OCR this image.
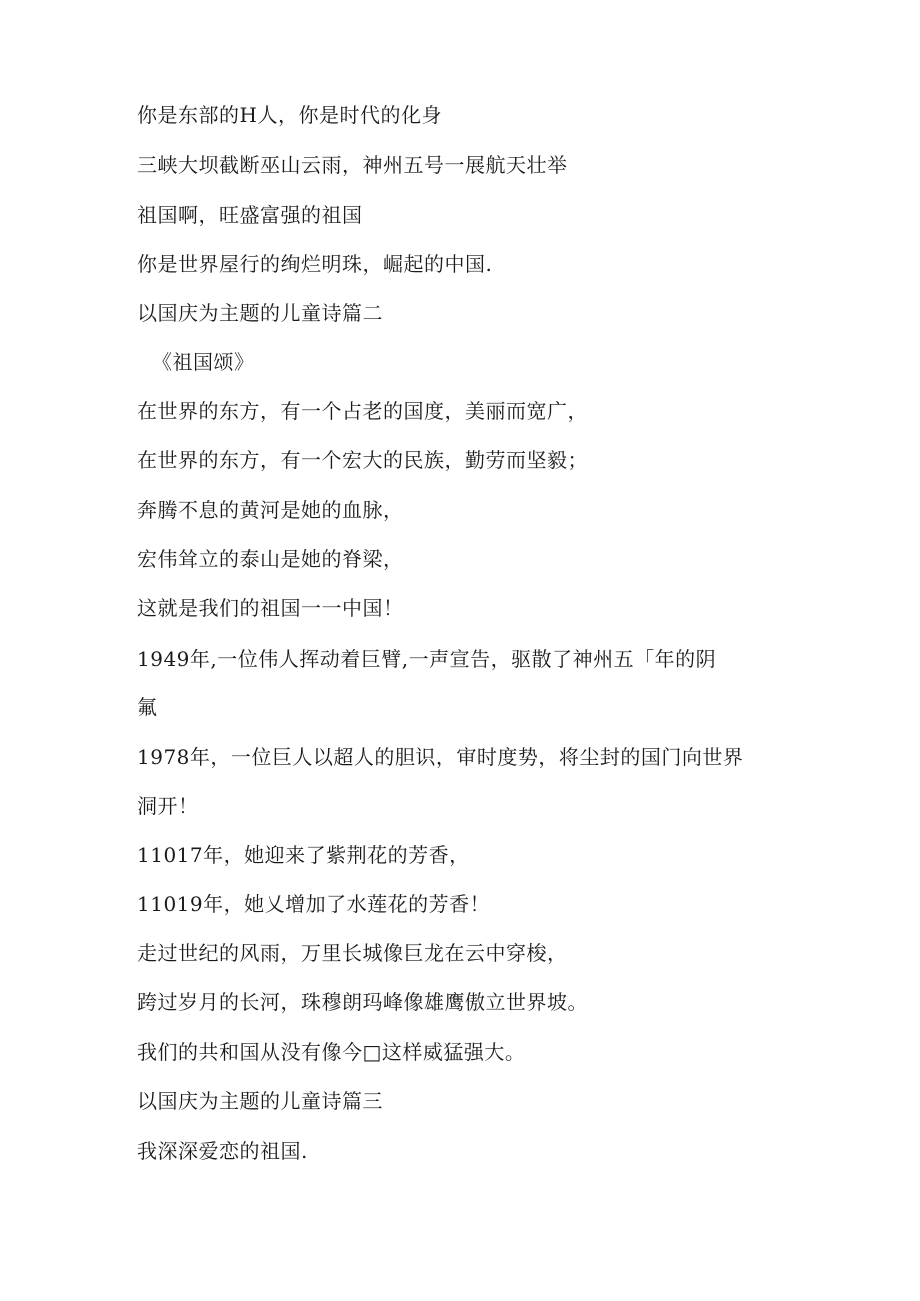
你是东部的H人，你是时代的化身

三峡大坝截断巫山云雨，神州五号一展航天壮举

祖国啊，旺盛富强的祖国

你是世界屋行的绚烂明珠，崛起的中国.

以国庆为主题的儿童诗篇二

《祖国颂》

在世界的东方，有一个占老的国度，美丽而宽广，

在世界的东方，有一个宏大的民族，勤劳而坚毅；

奔腾不息的黄河是她的血脉，

宏伟耸立的泰山是她的脊梁，

这就是我们的祖国一一中国！

1949年,一位伟人挥动着巨臂,一声宣告，驱散了神州五「年的阴

氟

1978年，一位巨人以超人的胆识，审时度势，将尘封的国门向世界

洞开！

11017年，她迎来了紫荆花的芳香，

11019年，她乂增加了水莲花的芳香！

走过世纪的风雨，万里长城像巨龙在云中穿梭，

跨过岁月的长河，珠穆朗玛峰像雄鹰傲立世界坡。

我们的共和国从没有像今□这样威猛强大。

以国庆为主题的儿童诗篇三

我深深爱恋的祖国.
